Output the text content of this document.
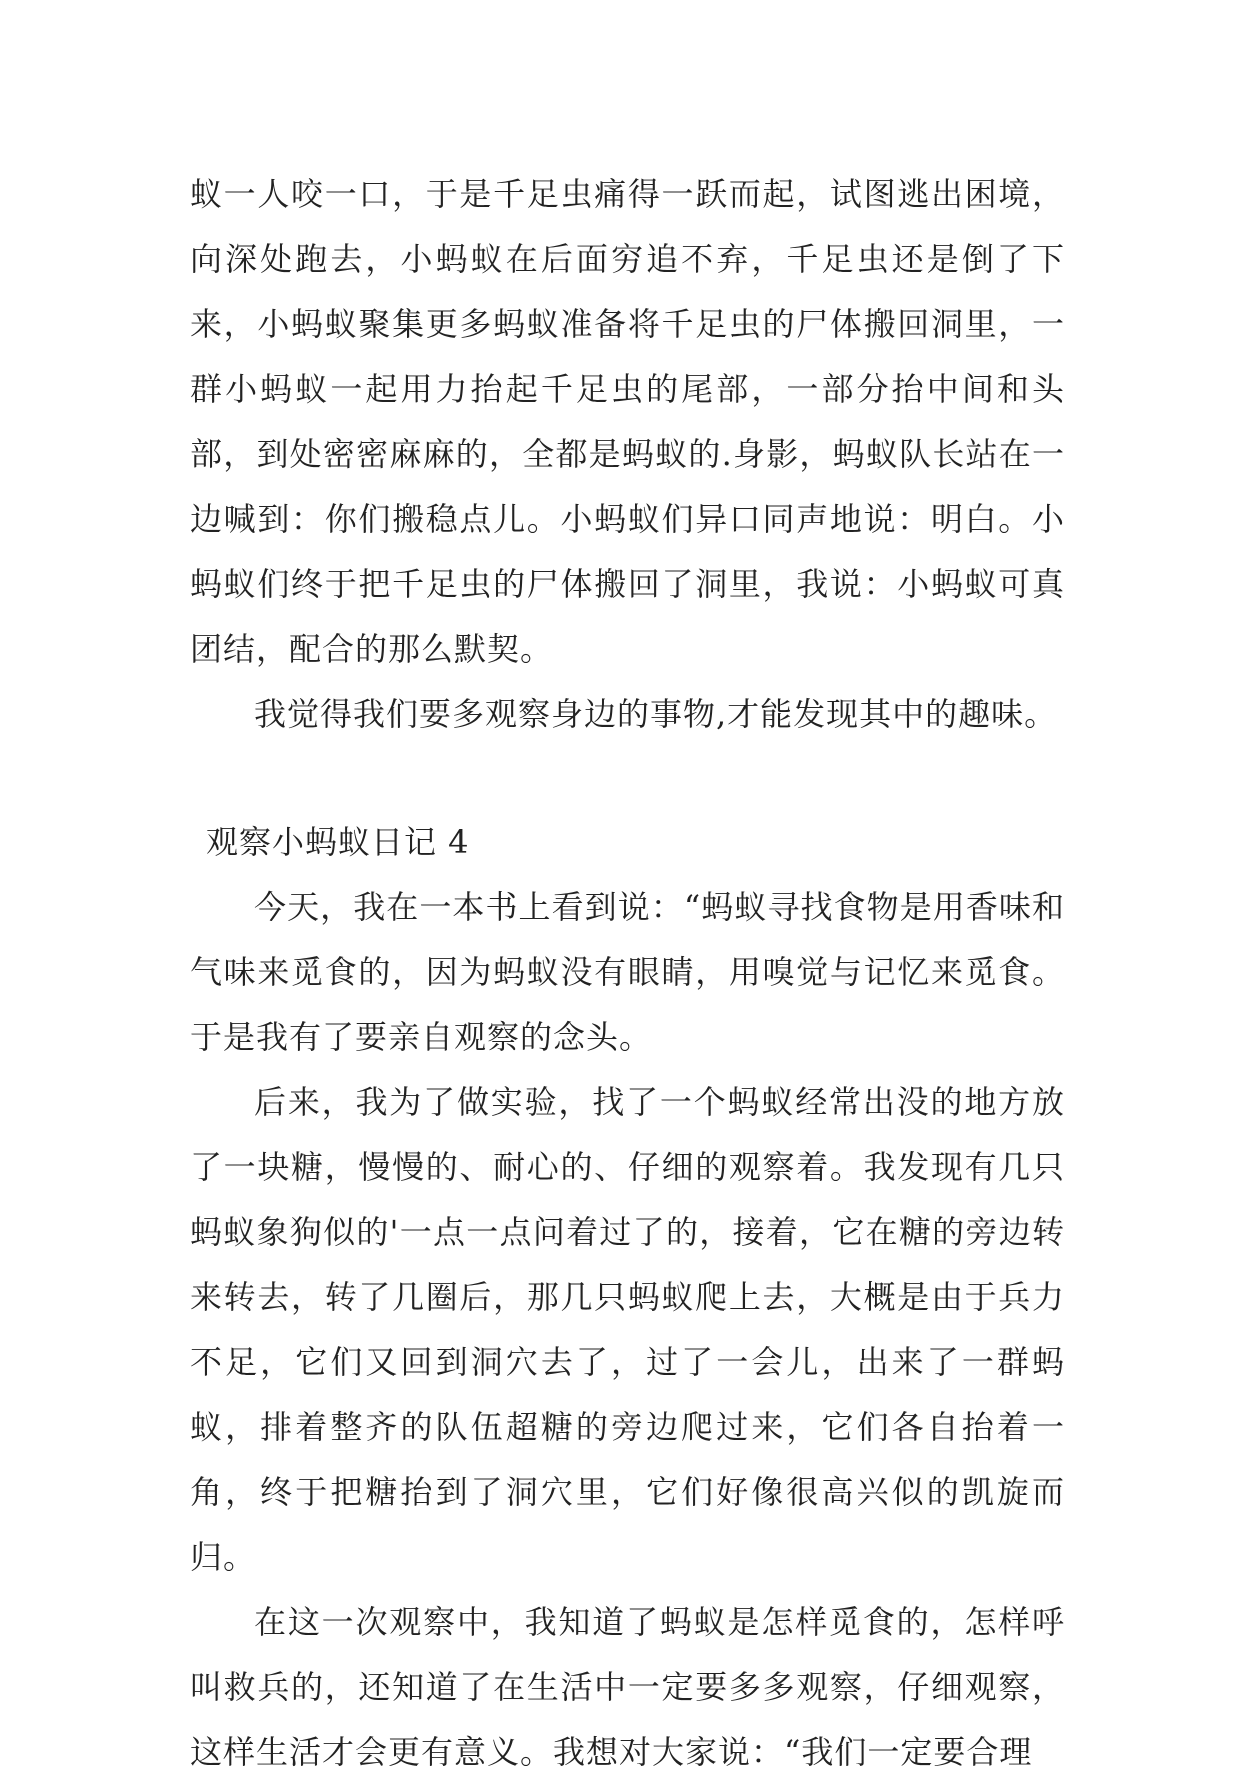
蚁一人咬一口，于是千足虫痛得一跃而起，试图逃出困境，向深处跑去，小蚂蚁在后面穷追不弃，千足虫还是倒了下来，小蚂蚁聚集更多蚂蚁准备将千足虫的尸体搬回洞里，一群小蚂蚁一起用力抬起千足虫的尾部，一部分抬中间和头部，到处密密麻麻的，全都是蚂蚁的.身影，蚂蚁队长站在一边喊到：你们搬稳点儿。小蚂蚁们异口同声地说：明白。小蚂蚁们终于把千足虫的尸体搬回了洞里，我说：小蚂蚁可真团结，配合的那么默契。

我觉得我们要多观察身边的事物,才能发现其中的趣味。

观察小蚂蚁日记 4

今天，我在一本书上看到说：“蚂蚁寻找食物是用香味和气味来觅食的，因为蚂蚁没有眼睛，用嗅觉与记忆来觅食。于是我有了要亲自观察的念头。

后来，我为了做实验，找了一个蚂蚁经常出没的地方放了一块糖，慢慢的、耐心的、仔细的观察着。我发现有几只蚂蚁象狗似的'一点一点问着过了的，接着，它在糖的旁边转来转去，转了几圈后，那几只蚂蚁爬上去，大概是由于兵力不足，它们又回到洞穴去了，过了一会儿，出来了一群蚂蚁，排着整齐的队伍超糖的旁边爬过来，它们各自抬着一角，终于把糖抬到了洞穴里，它们好像很高兴似的凯旋而归。

在这一次观察中，我知道了蚂蚁是怎样觅食的，怎样呼叫救兵的，还知道了在生活中一定要多多观察，仔细观察，这样生活才会更有意义。我想对大家说：“我们一定要合理
